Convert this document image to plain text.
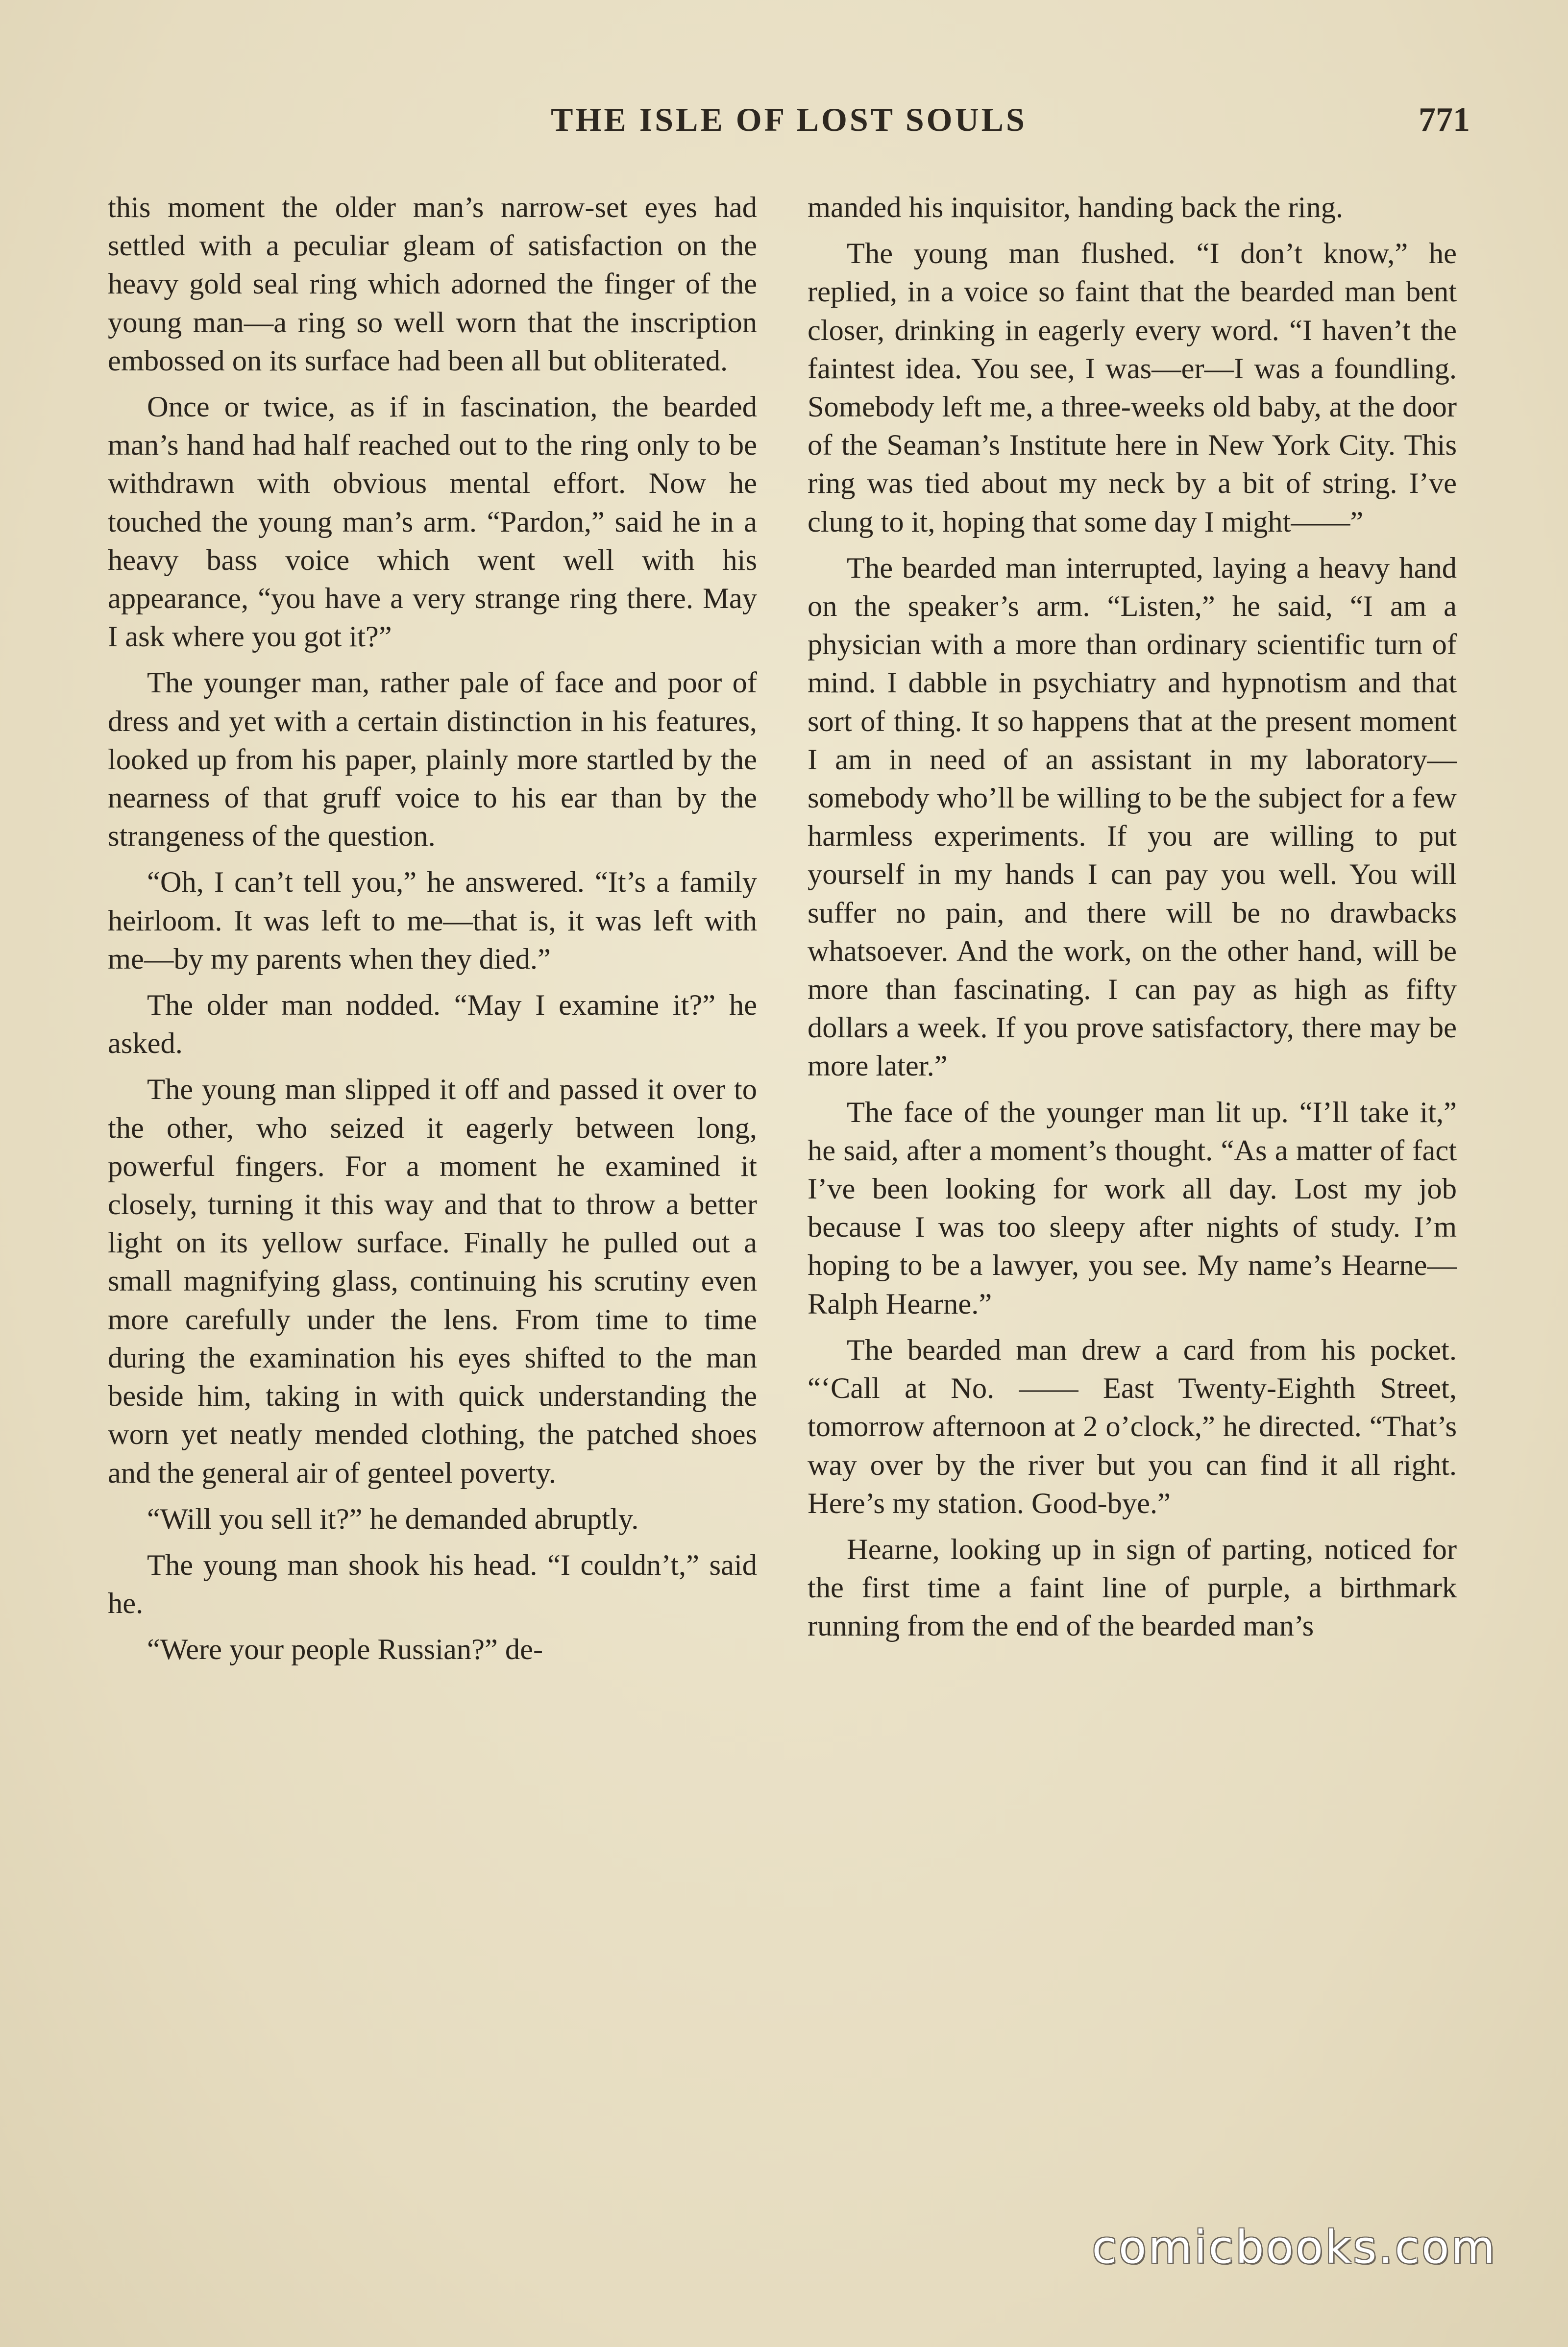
THE ISLE OF LOST SOULS	771

this moment the older man’s narrow-set eyes had settled with a peculiar gleam of satisfaction on the heavy gold seal ring which adorned the finger of the young man—a ring so well worn that the inscription embossed on its surface had been all but obliterated.

Once or twice, as if in fascination, the bearded man’s hand had half reached out to the ring only to be withdrawn with obvious mental effort. Now he touched the young man’s arm. “Pardon,” said he in a heavy bass voice which went well with his appearance, “you have a very strange ring there. May I ask where you got it?”

The younger man, rather pale of face and poor of dress and yet with a certain distinction in his features, looked up from his paper, plainly more startled by the nearness of that gruff voice to his ear than by the strangeness of the question.

“Oh, I can’t tell you,” he answered. “It’s a family heirloom. It was left to me—that is, it was left with me—by my parents when they died.”

The older man nodded. “May I examine it?” he asked.

The young man slipped it off and passed it over to the other, who seized it eagerly between long, powerful fingers. For a moment he examined it closely, turning it this way and that to throw a better light on its yellow surface. Finally he pulled out a small magnifying glass, continuing his scrutiny even more carefully under the lens. From time to time during the examination his eyes shifted to the man beside him, taking in with quick understanding the worn yet neatly mended clothing, the patched shoes and the general air of genteel poverty.

“Will you sell it?” he demanded abruptly.

The young man shook his head. “I couldn’t,” said he.

“Were your people Russian?” de-

manded his inquisitor, handing back the ring.

The young man flushed. “I don’t know,” he replied, in a voice so faint that the bearded man bent closer, drinking in eagerly every word. “I haven’t the faintest idea. You see, I was—er—I was a foundling. Somebody left me, a three-weeks old baby, at the door of the Seaman’s Institute here in New York City. This ring was tied about my neck by a bit of string. I’ve clung to it, hoping that some day I might——”

The bearded man interrupted, laying a heavy hand on the speaker’s arm. “Listen,” he said, “I am a physician with a more than ordinary scientific turn of mind. I dabble in psychiatry and hypnotism and that sort of thing. It so happens that at the present moment I am in need of an assistant in my laboratory—somebody who’ll be willing to be the subject for a few harmless experiments. If you are willing to put yourself in my hands I can pay you well. You will suffer no pain, and there will be no drawbacks whatsoever. And the work, on the other hand, will be more than fascinating. I can pay as high as fifty dollars a week. If you prove satisfactory, there may be more later.”

The face of the younger man lit up. “I’ll take it,” he said, after a moment’s thought. “As a matter of fact I’ve been looking for work all day. Lost my job because I was too sleepy after nights of study. I’m hoping to be a lawyer, you see. My name’s Hearne—Ralph Hearne.”

The bearded man drew a card from his pocket. “‘Call at No. —— East Twenty-Eighth Street, tomorrow afternoon at 2 o’clock,” he directed. “That’s way over by the river but you can find it all right. Here’s my station. Good-bye.”

Hearne, looking up in sign of parting, noticed for the first time a faint line of purple, a birthmark running from the end of the bearded man’s

comicbooks.com
